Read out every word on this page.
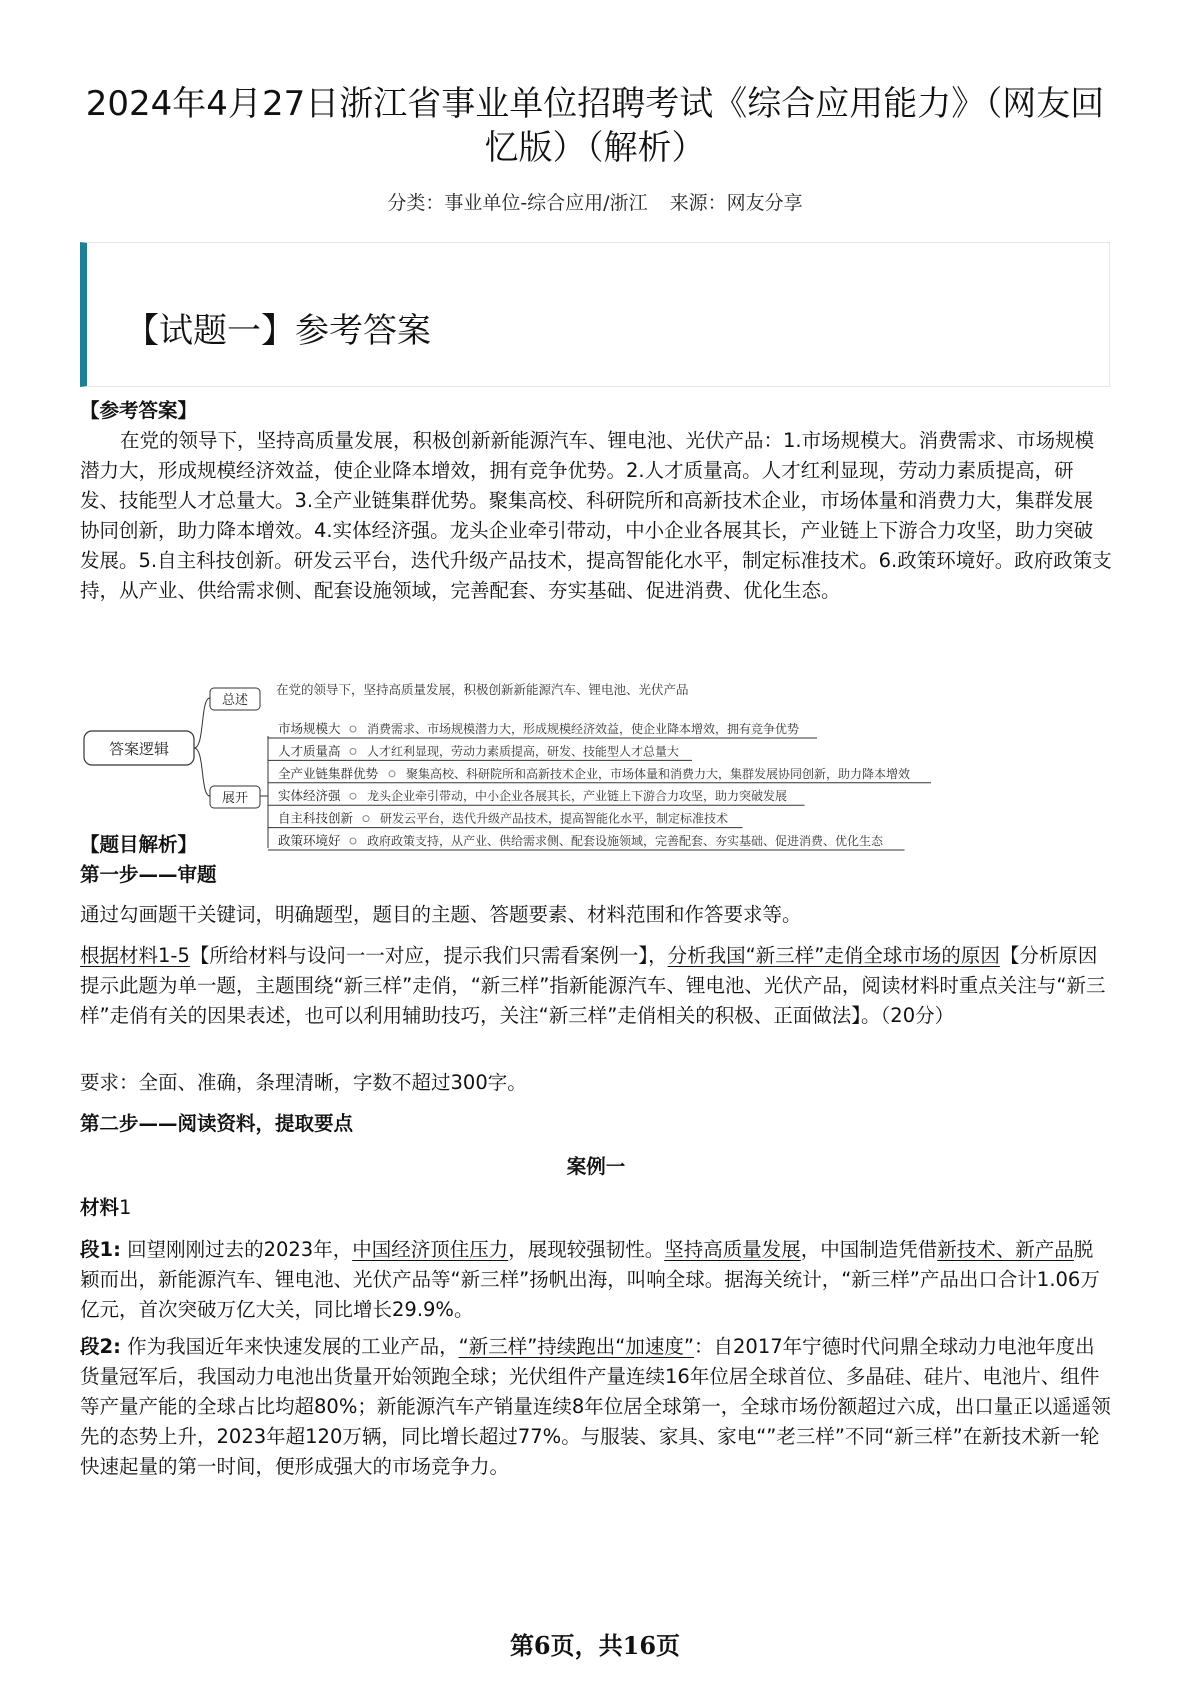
2024年4月27日浙江省事业单位招聘考试《综合应用能力》（网友回忆版）（解析）
分类：事业单位-综合应用/浙江 来源：网友分享
【试题一】参考答案
【参考答案】

在党的领导下，坚持高质量发展，积极创新新能源汽车、锂电池、光伏产品：1.市场规模大。消费需求、市场规模潜力大，形成规模经济效益，使企业降本增效，拥有竞争优势。2.人才质量高。人才红利显现，劳动力素质提高，研发、技能型人才总量大。3.全产业链集群优势。聚集高校、科研院所和高新技术企业，市场体量和消费力大，集群发展协同创新，助力降本增效。4.实体经济强。龙头企业牵引带动，中小企业各展其长，产业链上下游合力攻坚，助力突破发展。5.自主科技创新。研发云平台，迭代升级产品技术，提高智能化水平，制定标准技术。6.政策环境好。政府政策支持，从产业、供给需求侧、配套设施领域，完善配套、夯实基础、促进消费、优化生态。

答案逻辑
总述
在党的领导下，坚持高质量发展，积极创新新能源汽车、锂电池、光伏产品
展开
市场规模大 消费需求、市场规模潜力大，形成规模经济效益，使企业降本增效，拥有竞争优势
人才质量高 人才红利显现，劳动力素质提高，研发、技能型人才总量大
全产业链集群优势 聚集高校、科研院所和高新技术企业，市场体量和消费力大，集群发展协同创新，助力降本增效
实体经济强 龙头企业牵引带动，中小企业各展其长，产业链上下游合力攻坚，助力突破发展
自主科技创新 研发云平台，迭代升级产品技术，提高智能化水平，制定标准技术
政策环境好 政府政策支持，从产业、供给需求侧、配套设施领域，完善配套、夯实基础、促进消费、优化生态
【题目解析】
第一步——审题
通过勾画题干关键词，明确题型，题目的主题、答题要素、材料范围和作答要求等。
根据材料1-5【所给材料与设问一一对应，提示我们只需看案例一】，分析我国“新三样”走俏全球市场的原因【分析原因提示此题为单一题，主题围绕“新三样”走俏，“新三样”指新能源汽车、锂电池、光伏产品，阅读材料时重点关注与“新三样”走俏有关的因果表述，也可以利用辅助技巧，关注“新三样”走俏相关的积极、正面做法】。（20分）
要求：全面、准确，条理清晰，字数不超过300字。
第二步——阅读资料，提取要点
案例一
材料1
段1: 回望刚刚过去的2023年，中国经济顶住压力，展现较强韧性。坚持高质量发展，中国制造凭借新技术、新产品脱颖而出，新能源汽车、锂电池、光伏产品等“新三样”扬帆出海，叫响全球。据海关统计，“新三样”产品出口合计1.06万亿元，首次突破万亿大关，同比增长29.9%。
段2: 作为我国近年来快速发展的工业产品，“新三样”持续跑出“加速度”：自2017年宁德时代问鼎全球动力电池年度出货量冠军后，我国动力电池出货量开始领跑全球；光伏组件产量连续16年位居全球首位、多晶硅、硅片、电池片、组件等产量产能的全球占比均超80%；新能源汽车产销量连续8年位居全球第一，全球市场份额超过六成，出口量正以遥遥领先的态势上升，2023年超120万辆，同比增长超过77%。与服装、家具、家电“”老三样”不同“新三样”在新技术新一轮快速起量的第一时间，便形成强大的市场竞争力。
第6页，共16页
